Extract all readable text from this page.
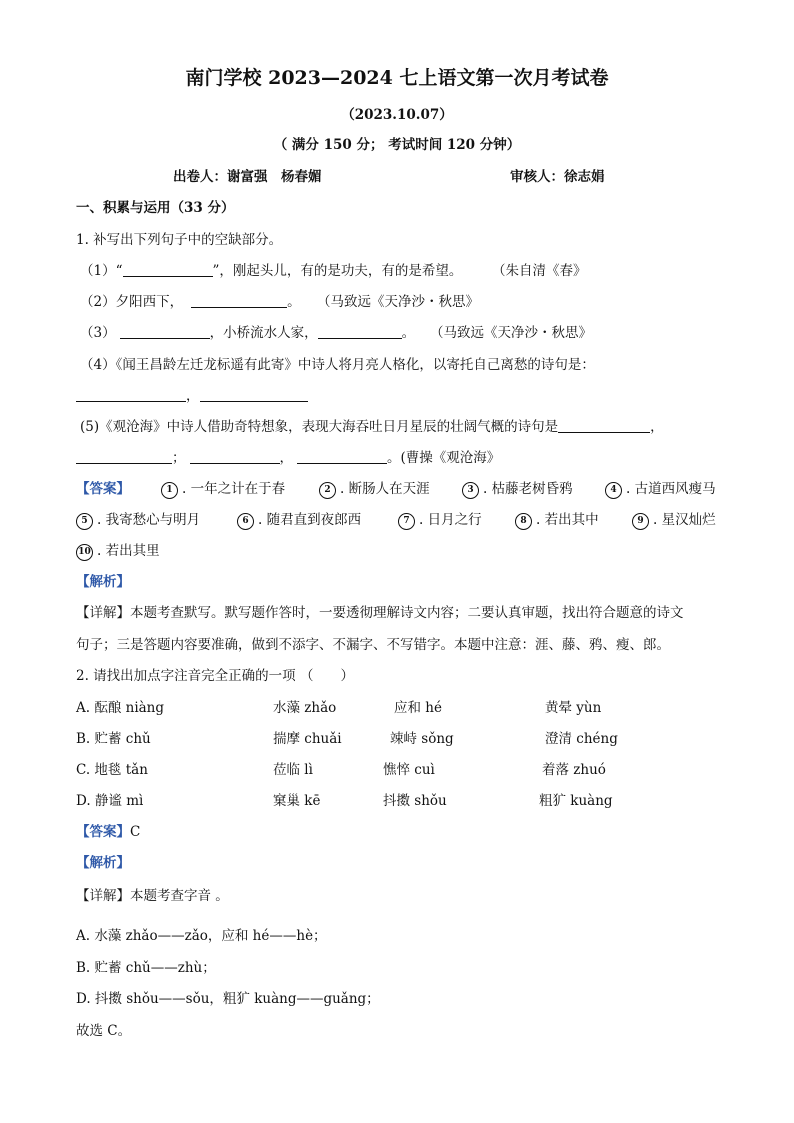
南门学校 2023—2024 七上语文第一次月考试卷
（2023.10.07）
（ 满分 150 分； 考试时间 120 分钟）
出卷人：谢富强　杨春媚	审核人：徐志娟
一、积累与运用（33 分）
1. 补写出下列句子中的空缺部分。
（1）“	”，刚起头儿，有的是功夫，有的是希望。 （朱自清《春》
（2）夕阳西下，	。 （马致远《天净沙・秋思》
（3）	，小桥流水人家，	。 （马致远《天净沙・秋思》
（4）《闻王昌龄左迁龙标遥有此寄》中诗人将月亮人格化，以寄托自己离愁的诗句是：
，
(5)《观沧海》中诗人借助奇特想象，表现大海吞吐日月星辰的壮阔气概的诗句是	，
；	，	。(曹操《观沧海》
【答案】	1 . 一年之计在于春	2 . 断肠人在天涯	3 . 枯藤老树昏鸦	4 . 古道西风瘦马
5 . 我寄愁心与明月	6 . 随君直到夜郎西	7 . 日月之行	8 . 若出其中	9 . 星汉灿烂
10 . 若出其里
【解析】
【详解】本题考查默写。默写题作答时，一要透彻理解诗文内容；二要认真审题，找出符合题意的诗文
句子；三是答题内容要准确，做到不添字、不漏字、不写错字。本题中注意：涯、藤、鸦、瘦、郎。
2. 请找出加点字注音完全正确的一项 （　　）
A. 酝酿 niàng	水藻 zhǎo	应和 hé	黄晕 yùn
B. 贮蓄 chǔ	揣摩 chuǎi	竦峙 sǒng	澄清 chéng
C. 地毯 tǎn	莅临 lì	憔悴 cuì	着落 zhuó
D. 静谧 mì	窠巢 kē	抖擞 shǒu	粗犷 kuàng
【答案】C
【解析】
【详解】本题考查字音 。
A. 水藻 zhǎo——zǎo，应和 hé——hè；
B. 贮蓄 chǔ——zhù；
D. 抖擞 shǒu——sǒu，粗犷 kuàng——guǎng；
故选 C。
